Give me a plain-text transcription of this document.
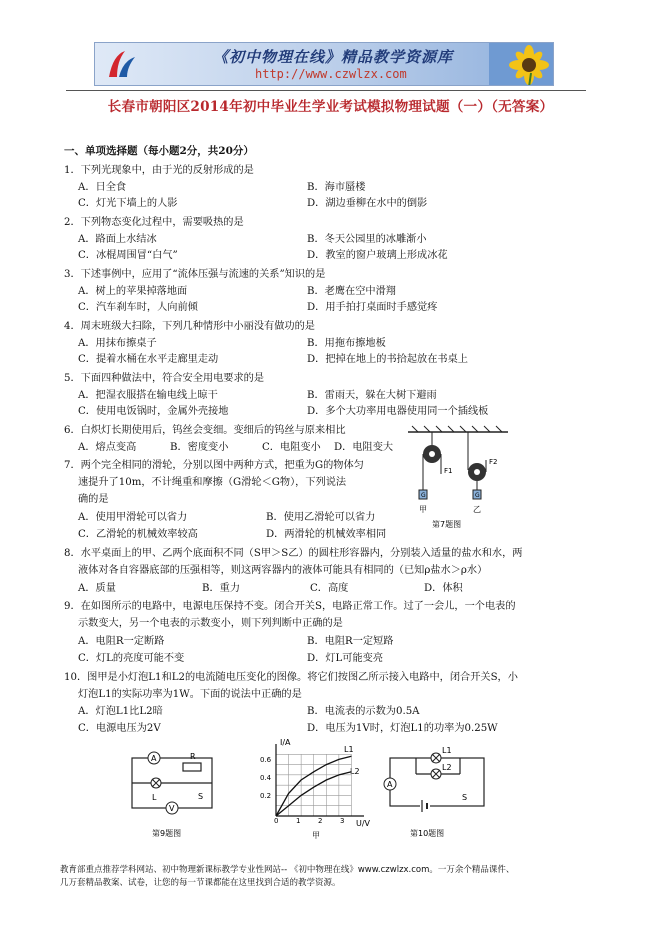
《初中物理在线》精品教学资源库
http://www.czwlzx.com
长春市朝阳区2014年初中毕业生学业考试模拟物理试题（一）（无答案）
一、单项选择题（每小题2分，共20分）
1．下列光现象中，由于光的反射形成的是
A．日全食	B．海市蜃楼
C．灯光下墙上的人影	D．湖边垂柳在水中的倒影
2．下列物态变化过程中，需要吸热的是
A．路面上水结冰	B．冬天公园里的冰雕渐小
C．冰棍周围冒“白气”	D．教室的窗户玻璃上形成冰花
3．下述事例中，应用了“流体压强与流速的关系”知识的是
A．树上的苹果掉落地面	B．老鹰在空中滑翔
C．汽车刹车时，人向前倾	D．用手拍打桌面时手感觉疼
4．周末班级大扫除，下列几种情形中小丽没有做功的是
A．用抹布擦桌子	B．用拖布擦地板
C．提着水桶在水平走廊里走动	D．把掉在地上的书拾起放在书桌上
5．下面四种做法中，符合安全用电要求的是
A．把湿衣服搭在输电线上晾干	B．雷雨天，躲在大树下避雨
C．使用电饭锅时，金属外壳接地	D．多个大功率用电器使用同一个插线板
6．白炽灯长期使用后，钨丝会变细。变细后的钨丝与原来相比
A．熔点变高	B．密度变小	C．电阻变小 D．电阻变大
7．两个完全相同的滑轮，分别以图中两种方式，把重为G的物体匀
速提升了10m，不计绳重和摩擦（G滑轮＜G物），下列说法
确的是
A．使用甲滑轮可以省力	B．使用乙滑轮可以省力
C．乙滑轮的机械效率较高	D．两滑轮的机械效率相同
8．水平桌面上的甲、乙两个底面积不同（S甲＞S乙）的圆柱形容器内，分别装入适量的盐水和水，两
液体对各自容器底部的压强相等，则这两容器内的液体可能具有相同的（已知ρ盐水＞ρ水）
A．质量	B．重力	C．高度	D．体积
9．在如图所示的电路中，电源电压保持不变。闭合开关S，电路正常工作。过了一会儿，一个电表的
示数变大，另一个电表的示数变小，则下列判断中正确的是
A．电阻R一定断路	B．电阻R一定短路
C．灯L的亮度可能不变	D．灯L可能变亮
10．图甲是小灯泡L1和L2的电流随电压变化的图像。将它们按图乙所示接入电路中，闭合开关S，小
灯泡L1的实际功率为1W。下面的说法中正确的是
A．灯泡L1比L2暗	B．电流表的示数为0.5A
C．电源电压为2V	D．电压为1V时，灯泡L1的功率为0.25W
F1
F2
G	G
甲	乙
第7题图
A	R
L	S
V
第9题图
I/A
U/V
0.6
0.4
0.2
0	1	2	3
L1
L2
甲
L1
L2
A
S
第10题图
教育部重点推荐学科网站、初中物理新课标教学专业性网站-- 《初中物理在线》www.czwlzx.com。一万余个精品课件、
几万套精品教案、试卷，让您的每一节课都能在这里找到合适的教学资源。
